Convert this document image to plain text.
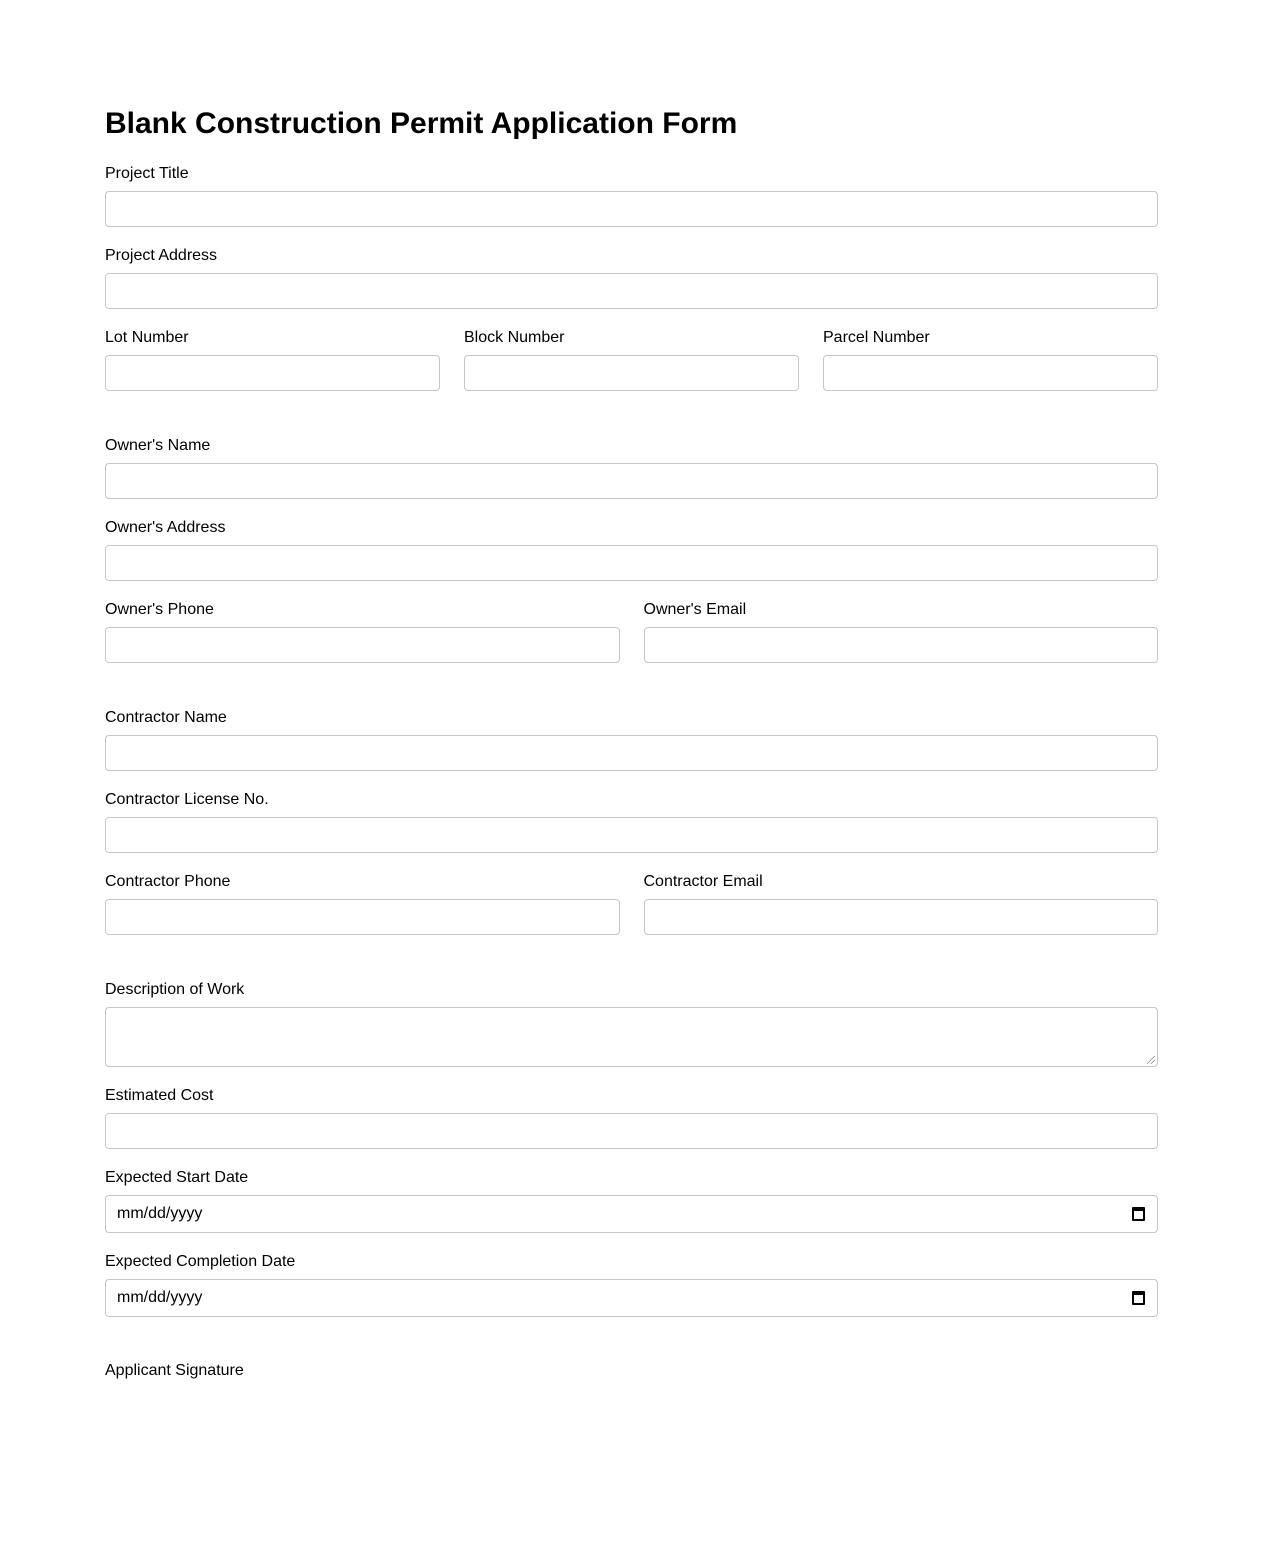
Blank Construction Permit Application Form
Project Title
Project Address
Lot Number	Block Number	Parcel Number
Owner's Name
Owner's Address
Owner's Phone	Owner's Email
Contractor Name
Contractor License No.
Contractor Phone	Contractor Email
Description of Work
Estimated Cost
Expected Start Date
mm/dd/yyyy
Expected Completion Date
mm/dd/yyyy
Applicant Signature
